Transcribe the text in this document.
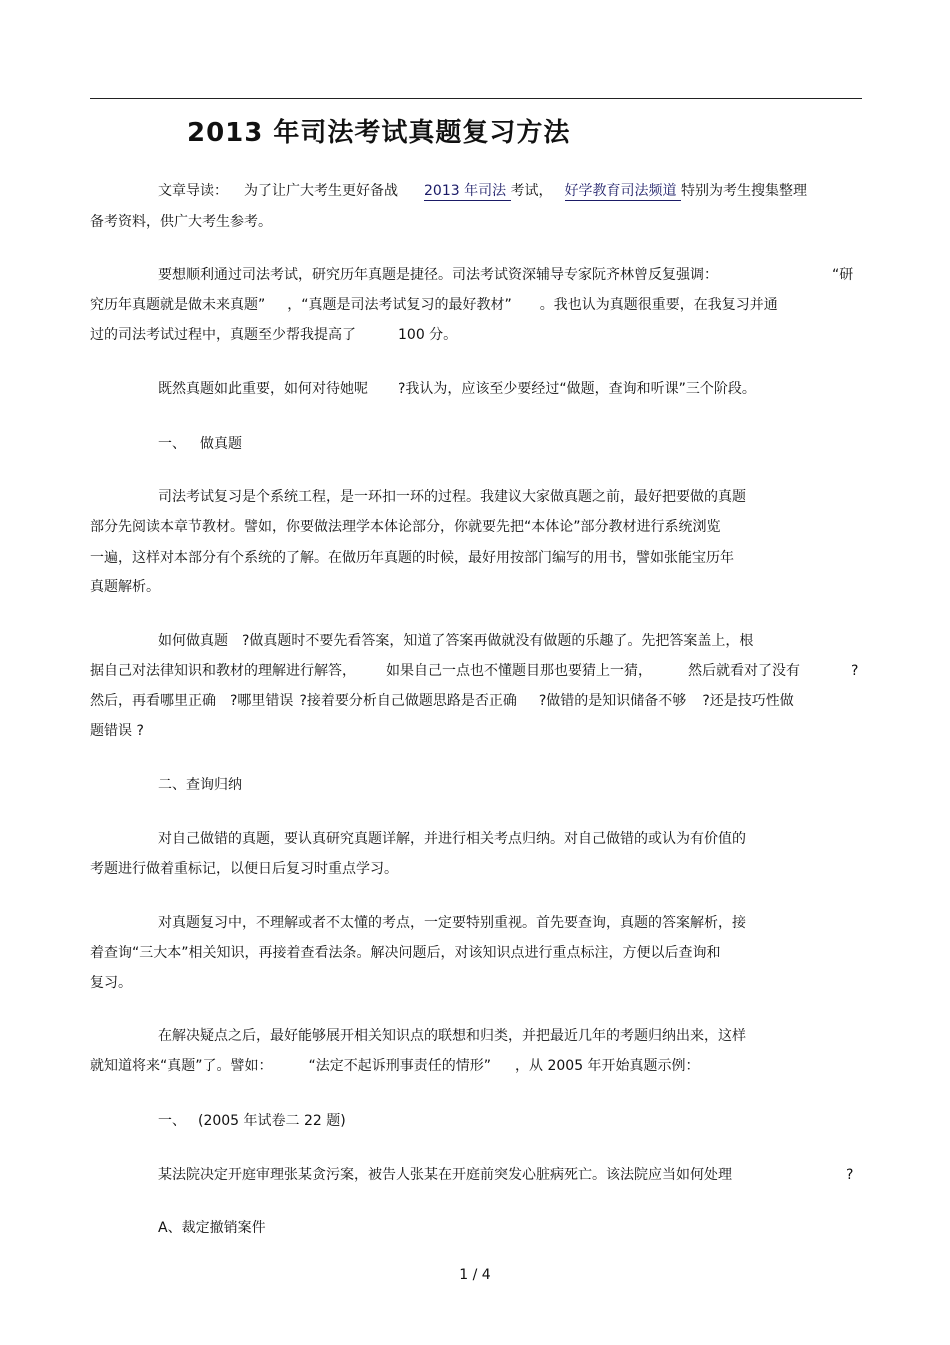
2013 年司法考试真题复习方法
文章导读： 为了让广大考生更好备战 2013 年司法 考试， 好学教育司法频道 特别为考生搜集整理
备考资料，供广大考生参考。
要想顺利通过司法考试，研究历年真题是捷径。司法考试资深辅导专家阮齐林曾反复强调：	“研
究历年真题就是做未来真题” ，“真题是司法考试复习的最好教材” 。我也认为真题很重要，在我复习并通
过的司法考试过程中，真题至少帮我提高了	100 分。
既然真题如此重要，如何对待她呢 ?我认为，应该至少要经过“做题，查询和听课”三个阶段。
一、 做真题
司法考试复习是个系统工程，是一环扣一环的过程。我建议大家做真题之前，最好把要做的真题
部分先阅读本章节教材。譬如，你要做法理学本体论部分，你就要先把“本体论”部分教材进行系统浏览
一遍，这样对本部分有个系统的了解。在做历年真题的时候，最好用按部门编写的用书，譬如张能宝历年
真题解析。
如何做真题 ?做真题时不要先看答案，知道了答案再做就没有做题的乐趣了。先把答案盖上，根
据自己对法律知识和教材的理解进行解答， 如果自己一点也不懂题目那也要猜上一猜，	然后就看对了没有	?
然后，再看哪里正确 ?哪里错误 ?接着要分析自己做题思路是否正确 ?做错的是知识储备不够 ?还是技巧性做
题错误 ?
二、查询归纳
对自己做错的真题，要认真研究真题详解，并进行相关考点归纳。对自己做错的或认为有价值的
考题进行做着重标记，以便日后复习时重点学习。
对真题复习中，不理解或者不太懂的考点，一定要特别重视。首先要查询，真题的答案解析，接
着查询“三大本”相关知识，再接着查看法条。解决问题后，对该知识点进行重点标注，方便以后查询和
复习。
在解决疑点之后，最好能够展开相关知识点的联想和归类，并把最近几年的考题归纳出来，这样
就知道将来“真题”了。譬如：	“法定不起诉刑事责任的情形” ，从 2005 年开始真题示例：
一、 (2005 年试卷二 22 题)
某法院决定开庭审理张某贪污案，被告人张某在开庭前突发心脏病死亡。该法院应当如何处理	?
A、裁定撤销案件
1 / 4
